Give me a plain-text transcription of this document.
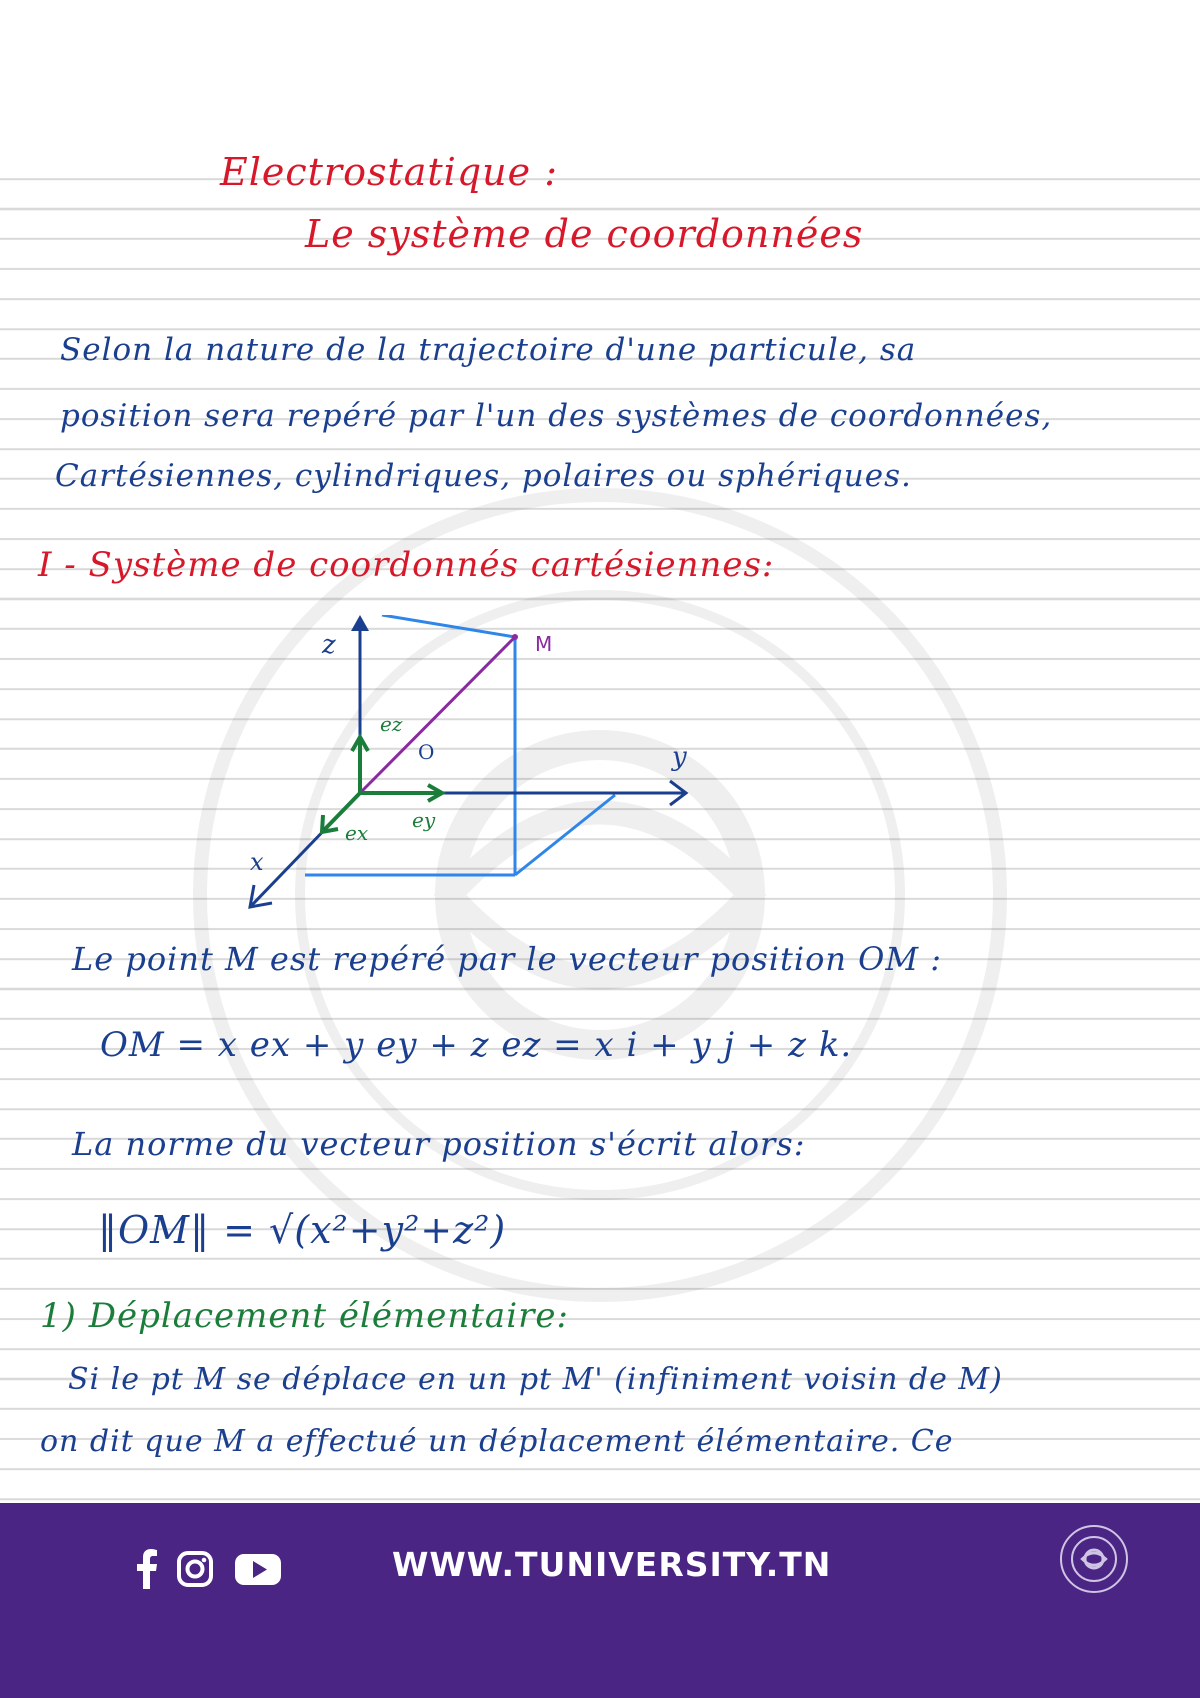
Electrostatique :

Le système de coordonnées

Selon la nature de la trajectoire d'une particule, sa

position sera repéré par l'un des systèmes de coordonnées,

Cartésiennes, cylindriques, polaires ou sphériques.

I - Système de coordonnés cartésiennes:

z
y
x
M
O
ez
ey
ex

Le point M est repéré par le vecteur position OM :

OM = x ex + y ey + z ez = x i + y j + z k.

La norme du vecteur position s'écrit alors:

‖OM‖ = √(x²+y²+z²)

1) Déplacement élémentaire:

Si le pt M se déplace en un pt M' (infiniment voisin de M)

on dit que M a effectué un déplacement élémentaire. Ce

WWW.TUNIVERSITY.TN
